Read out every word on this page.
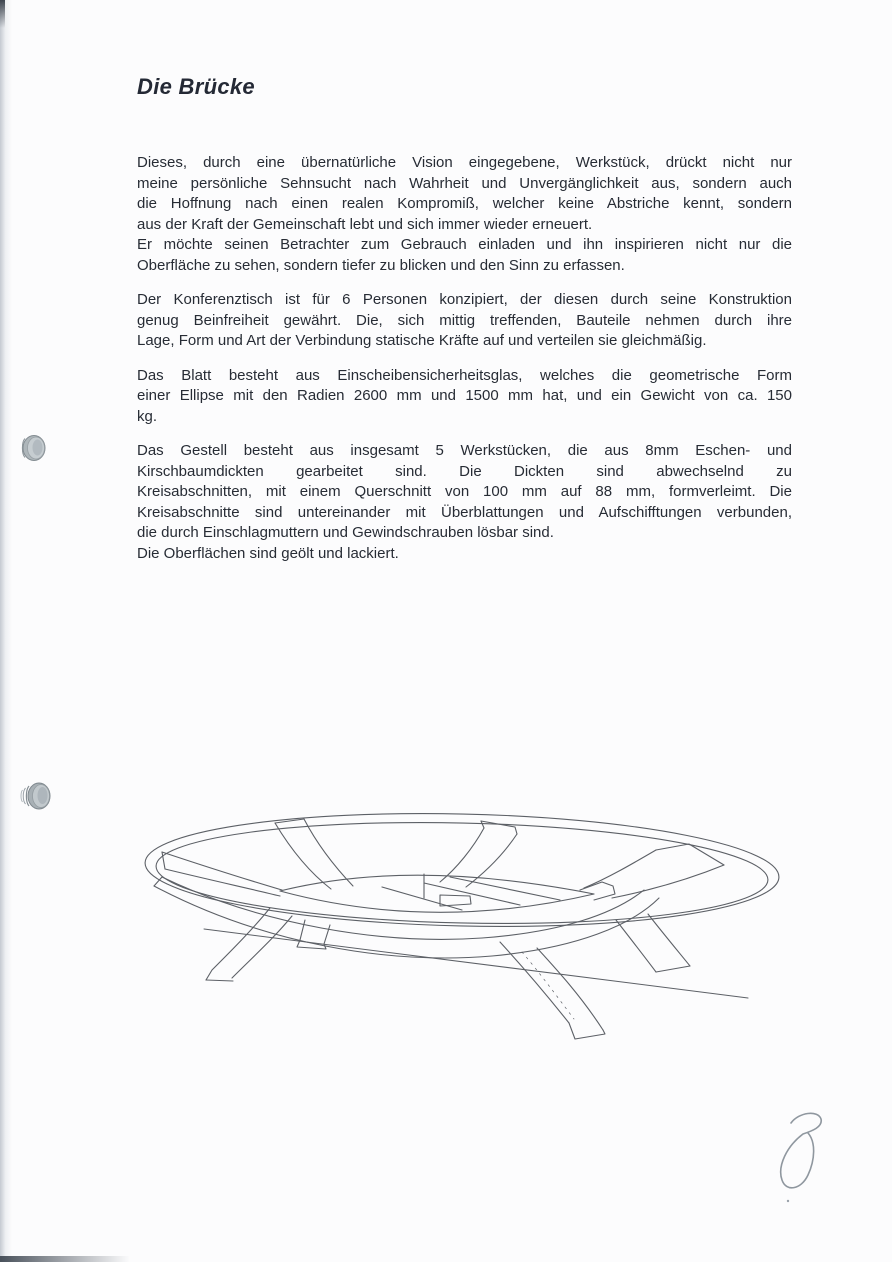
Die Brücke
Dieses, durch eine übernatürliche Vision eingegebene, Werkstück, drückt nicht nur
meine persönliche Sehnsucht nach Wahrheit und Unvergänglichkeit aus, sondern auch
die Hoffnung nach einen realen Kompromiß, welcher keine Abstriche kennt, sondern
aus der Kraft der Gemeinschaft lebt und sich immer wieder erneuert.
Er möchte seinen Betrachter zum Gebrauch einladen und ihn inspirieren nicht nur die
Oberfläche zu sehen, sondern tiefer zu blicken und den Sinn zu erfassen.
Der Konferenztisch ist für 6 Personen konzipiert, der diesen durch seine Konstruktion
genug Beinfreiheit gewährt. Die, sich mittig treffenden, Bauteile nehmen durch ihre
Lage, Form und Art der Verbindung statische Kräfte auf und verteilen sie gleichmäßig.
Das Blatt besteht aus Einscheibensicherheitsglas, welches die geometrische Form
einer Ellipse mit den Radien 2600 mm und 1500 mm hat, und ein Gewicht von ca. 150
kg.
Das Gestell besteht aus insgesamt 5 Werkstücken, die aus 8mm Eschen- und
Kirschbaumdickten gearbeitet sind. Die Dickten sind abwechselnd zu
Kreisabschnitten, mit einem Querschnitt von 100 mm auf 88 mm, formverleimt. Die
Kreisabschnitte sind untereinander mit Überblattungen und Aufschifftungen verbunden,
die durch Einschlagmuttern und Gewindschrauben lösbar sind.
Die Oberflächen sind geölt und lackiert.
